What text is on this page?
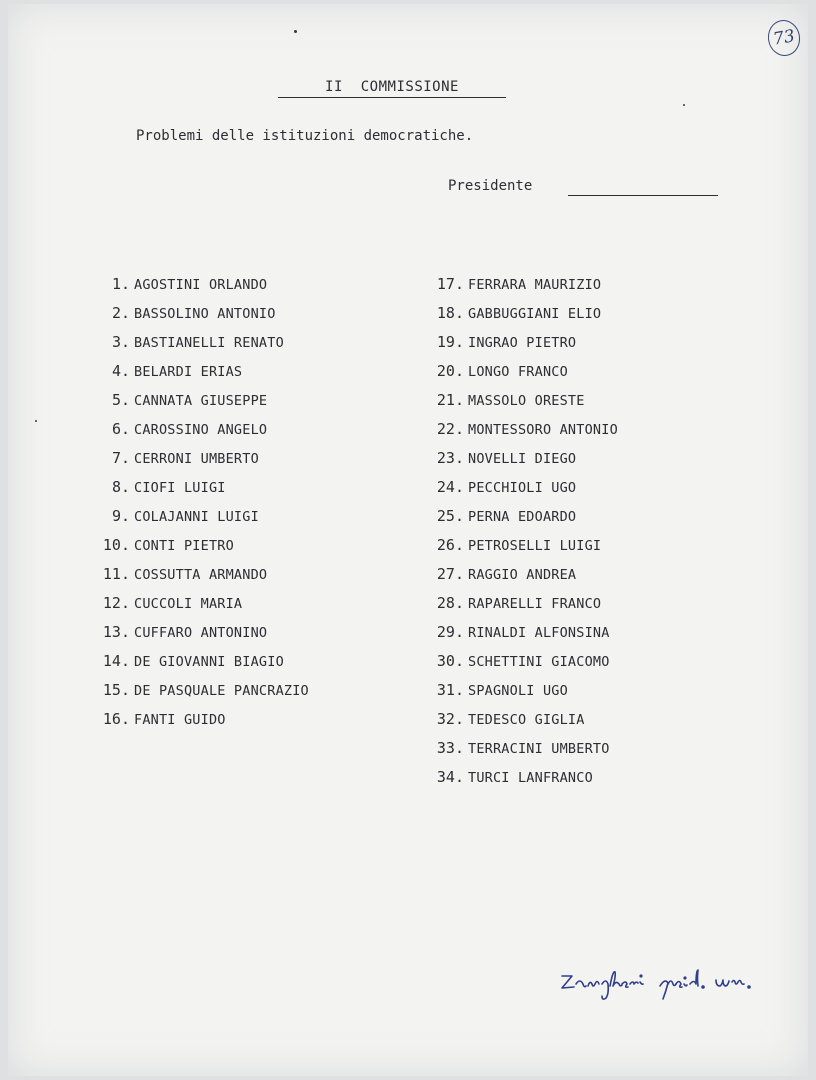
73
II  COMMISSIONE
Problemi delle istituzioni democratiche.
Presidente
1. AGOSTINI ORLANDO
2. BASSOLINO ANTONIO
3. BASTIANELLI RENATO
4. BELARDI ERIAS
5. CANNATA GIUSEPPE
6. CAROSSINO ANGELO
7. CERRONI UMBERTO
8. CIOFI LUIGI
9. COLAJANNI LUIGI
10. CONTI PIETRO
11. COSSUTTA ARMANDO
12. CUCCOLI MARIA
13. CUFFARO ANTONINO
14. DE GIOVANNI BIAGIO
15. DE PASQUALE PANCRAZIO
16. FANTI GUIDO
17. FERRARA MAURIZIO
18. GABBUGGIANI ELIO
19. INGRAO PIETRO
20. LONGO FRANCO
21. MASSOLO ORESTE
22. MONTESSORO ANTONIO
23. NOVELLI DIEGO
24. PECCHIOLI UGO
25. PERNA EDOARDO
26. PETROSELLI LUIGI
27. RAGGIO ANDREA
28. RAPARELLI FRANCO
29. RINALDI ALFONSINA
30. SCHETTINI GIACOMO
31. SPAGNOLI UGO
32. TEDESCO GIGLIA
33. TERRACINI UMBERTO
34. TURCI LANFRANCO
